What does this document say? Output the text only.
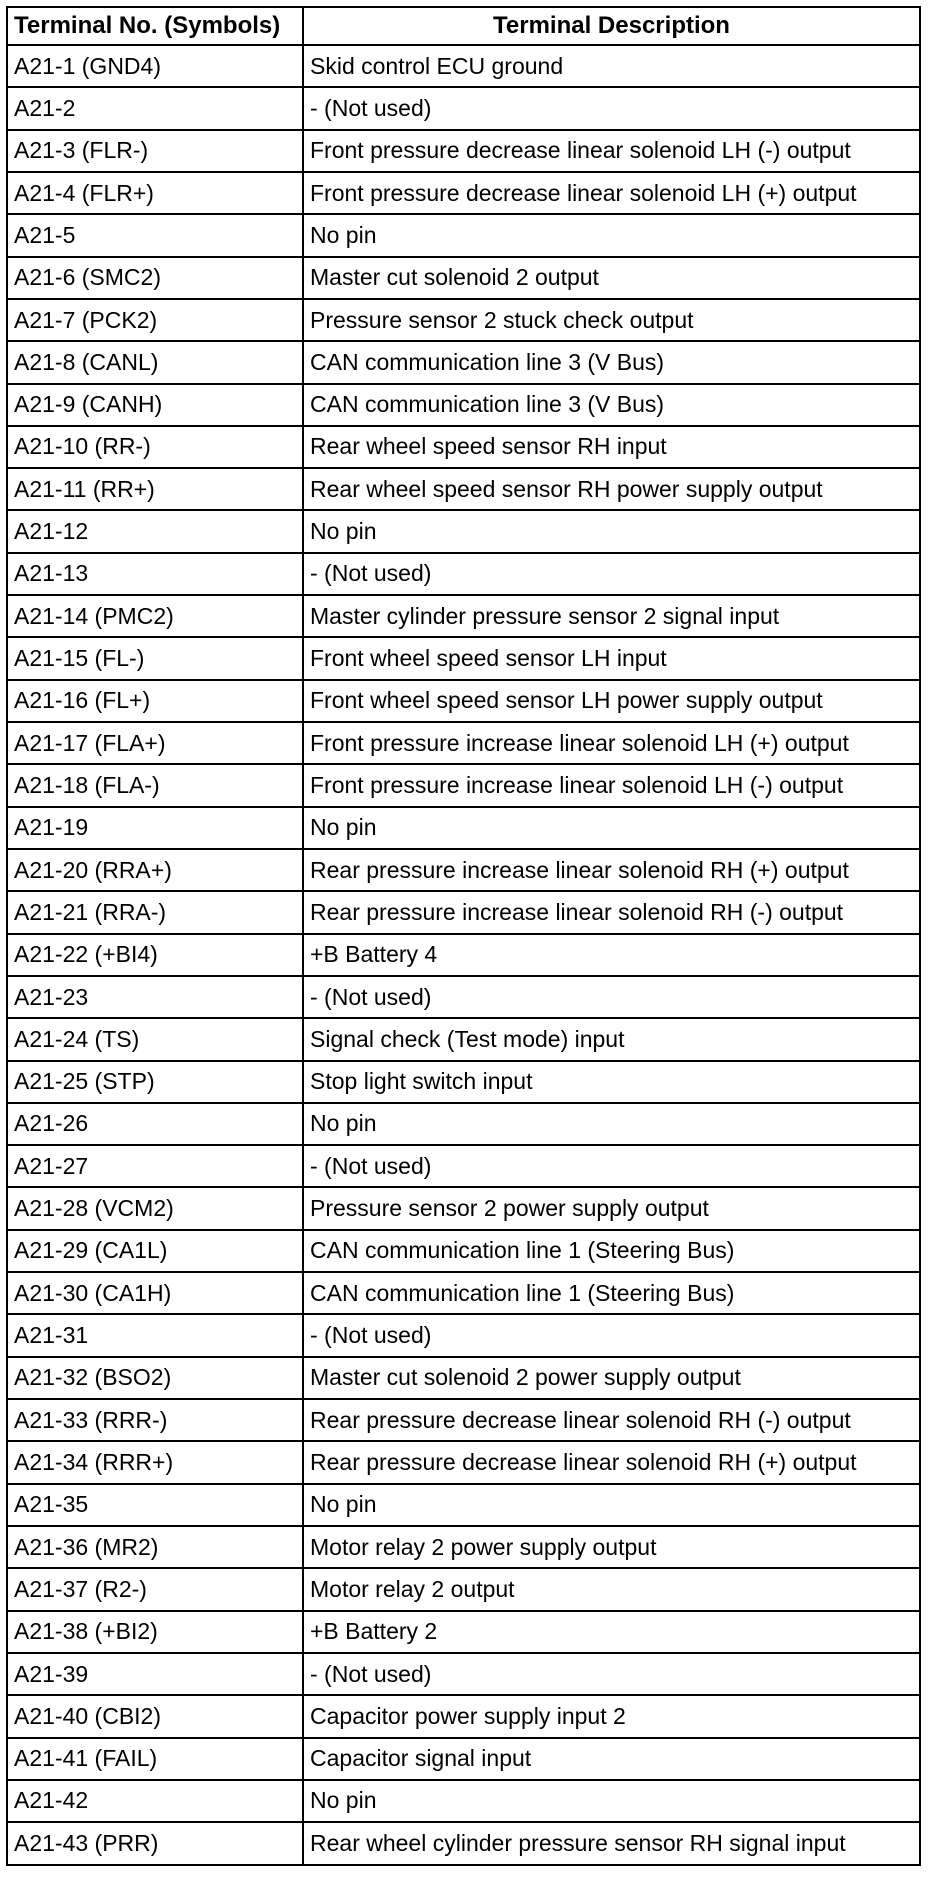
Terminal No. (Symbols)	Terminal Description
A21-1 (GND4)	Skid control ECU ground
A21-2	- (Not used)
A21-3 (FLR-)	Front pressure decrease linear solenoid LH (-) output
A21-4 (FLR+)	Front pressure decrease linear solenoid LH (+) output
A21-5	No pin
A21-6 (SMC2)	Master cut solenoid 2 output
A21-7 (PCK2)	Pressure sensor 2 stuck check output
A21-8 (CANL)	CAN communication line 3 (V Bus)
A21-9 (CANH)	CAN communication line 3 (V Bus)
A21-10 (RR-)	Rear wheel speed sensor RH input
A21-11 (RR+)	Rear wheel speed sensor RH power supply output
A21-12	No pin
A21-13	- (Not used)
A21-14 (PMC2)	Master cylinder pressure sensor 2 signal input
A21-15 (FL-)	Front wheel speed sensor LH input
A21-16 (FL+)	Front wheel speed sensor LH power supply output
A21-17 (FLA+)	Front pressure increase linear solenoid LH (+) output
A21-18 (FLA-)	Front pressure increase linear solenoid LH (-) output
A21-19	No pin
A21-20 (RRA+)	Rear pressure increase linear solenoid RH (+) output
A21-21 (RRA-)	Rear pressure increase linear solenoid RH (-) output
A21-22 (+BI4)	+B Battery 4
A21-23	- (Not used)
A21-24 (TS)	Signal check (Test mode) input
A21-25 (STP)	Stop light switch input
A21-26	No pin
A21-27	- (Not used)
A21-28 (VCM2)	Pressure sensor 2 power supply output
A21-29 (CA1L)	CAN communication line 1 (Steering Bus)
A21-30 (CA1H)	CAN communication line 1 (Steering Bus)
A21-31	- (Not used)
A21-32 (BSO2)	Master cut solenoid 2 power supply output
A21-33 (RRR-)	Rear pressure decrease linear solenoid RH (-) output
A21-34 (RRR+)	Rear pressure decrease linear solenoid RH (+) output
A21-35	No pin
A21-36 (MR2)	Motor relay 2 power supply output
A21-37 (R2-)	Motor relay 2 output
A21-38 (+BI2)	+B Battery 2
A21-39	- (Not used)
A21-40 (CBI2)	Capacitor power supply input 2
A21-41 (FAIL)	Capacitor signal input
A21-42	No pin
A21-43 (PRR)	Rear wheel cylinder pressure sensor RH signal input
